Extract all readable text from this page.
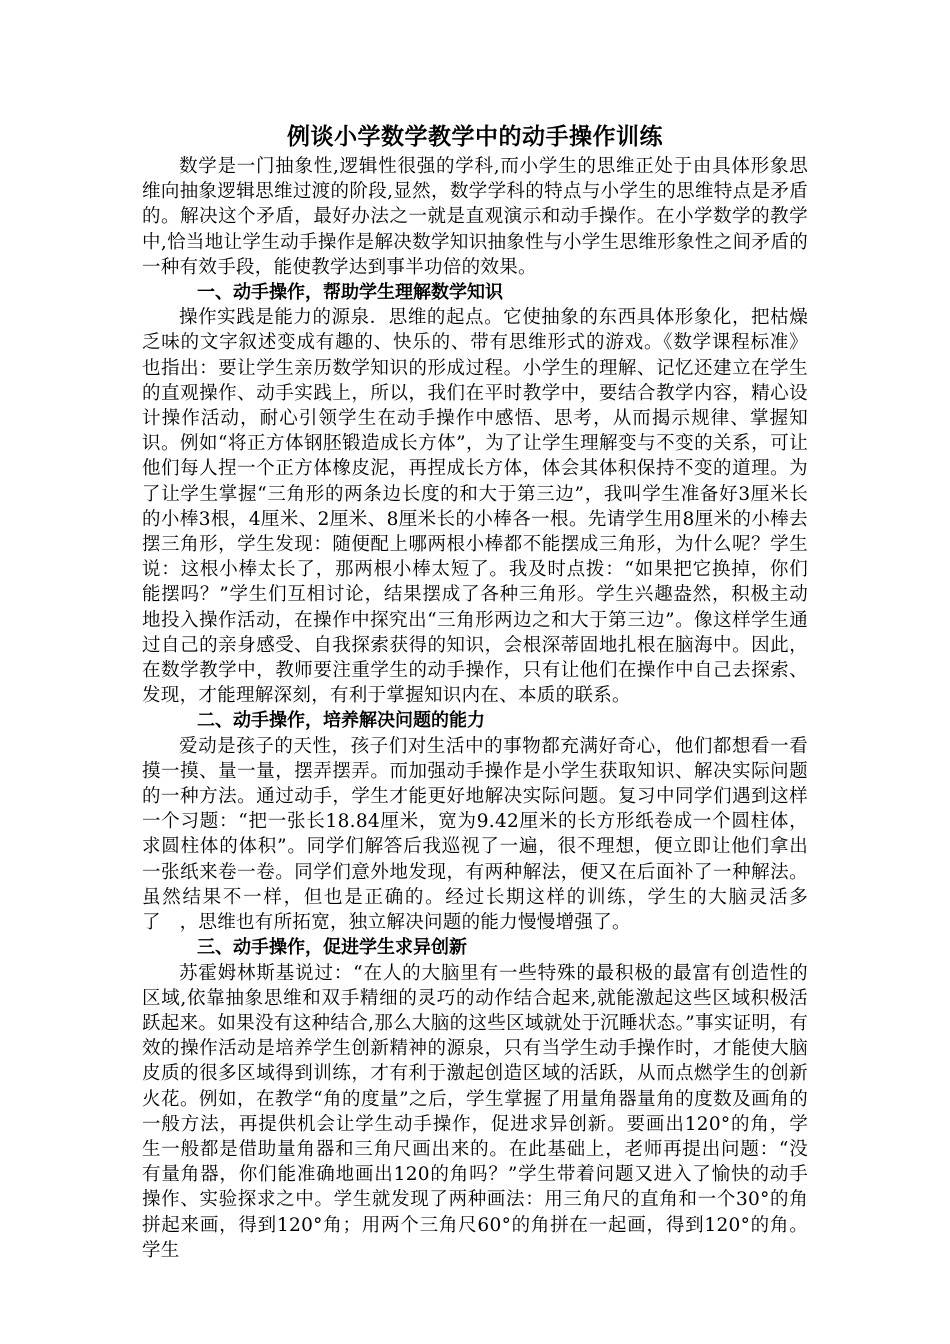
例谈小学数学教学中的动手操作训练

数学是一门抽象性,逻辑性很强的学科,而小学生的思维正处于由具体形象思维向抽象逻辑思维过渡的阶段,显然，数学学科的特点与小学生的思维特点是矛盾的。解决这个矛盾，最好办法之一就是直观演示和动手操作。在小学数学的教学中,恰当地让学生动手操作是解决数学知识抽象性与小学生思维形象性之间矛盾的一种有效手段，能使教学达到事半功倍的效果。

一、动手操作，帮助学生理解数学知识

操作实践是能力的源泉．思维的起点。它使抽象的东西具体形象化，把枯燥乏味的文字叙述变成有趣的、快乐的、带有思维形式的游戏。《数学课程标准》也指出：要让学生亲历数学知识的形成过程。小学生的理解、记忆还建立在学生的直观操作、动手实践上，所以，我们在平时教学中，要结合教学内容，精心设计操作活动，耐心引领学生在动手操作中感悟、思考，从而揭示规律、掌握知识。例如“将正方体钢胚锻造成长方体”，为了让学生理解变与不变的关系，可让他们每人捏一个正方体橡皮泥，再捏成长方体，体会其体积保持不变的道理。为了让学生掌握“三角形的两条边长度的和大于第三边”，我叫学生准备好3厘米长的小棒3根，4厘米、2厘米、8厘米长的小棒各一根。先请学生用8厘米的小棒去摆三角形，学生发现：随便配上哪两根小棒都不能摆成三角形，为什么呢？学生说：这根小棒太长了，那两根小棒太短了。我及时点拨：“如果把它换掉，你们能摆吗？”学生们互相讨论，结果摆成了各种三角形。学生兴趣盎然，积极主动地投入操作活动，在操作中探究出“三角形两边之和大于第三边”。像这样学生通过自己的亲身感受、自我探索获得的知识，会根深蒂固地扎根在脑海中。因此，在数学教学中，教师要注重学生的动手操作，只有让他们在操作中自己去探索、发现，才能理解深刻，有利于掌握知识内在、本质的联系。

二、动手操作，培养解决问题的能力

爱动是孩子的天性，孩子们对生活中的事物都充满好奇心，他们都想看一看摸一摸、量一量，摆弄摆弄。而加强动手操作是小学生获取知识、解决实际问题的一种方法。通过动手，学生才能更好地解决实际问题。复习中同学们遇到这样一个习题：“把一张长18.84厘米，宽为9.42厘米的长方形纸卷成一个圆柱体，求圆柱体的体积”。同学们解答后我巡视了一遍，很不理想，便立即让他们拿出一张纸来卷一卷。同学们意外地发现，有两种解法，便又在后面补了一种解法。虽然结果不一样，但也是正确的。经过长期这样的训练，学生的大脑灵活多了　，思维也有所拓宽，独立解决问题的能力慢慢增强了。

三、动手操作，促进学生求异创新

苏霍姆林斯基说过：“在人的大脑里有一些特殊的最积极的最富有创造性的区域,依靠抽象思维和双手精细的灵巧的动作结合起来,就能激起这些区域积极活跃起来。如果没有这种结合,那么大脑的这些区域就处于沉睡状态。”事实证明，有效的操作活动是培养学生创新精神的源泉，只有当学生动手操作时，才能使大脑皮质的很多区域得到训练，才有利于激起创造区域的活跃，从而点燃学生的创新火花。例如，在教学“角的度量”之后，学生掌握了用量角器量角的度数及画角的一般方法，再提供机会让学生动手操作，促进求异创新。要画出120°的角，学生一般都是借助量角器和三角尺画出来的。在此基础上，老师再提出问题：“没有量角器，你们能准确地画出120的角吗？”学生带着问题又进入了愉快的动手操作、实验探求之中。学生就发现了两种画法：用三角尺的直角和一个30°的角拼起来画，得到120°角；用两个三角尺60°的角拼在一起画，得到120°的角。学生
